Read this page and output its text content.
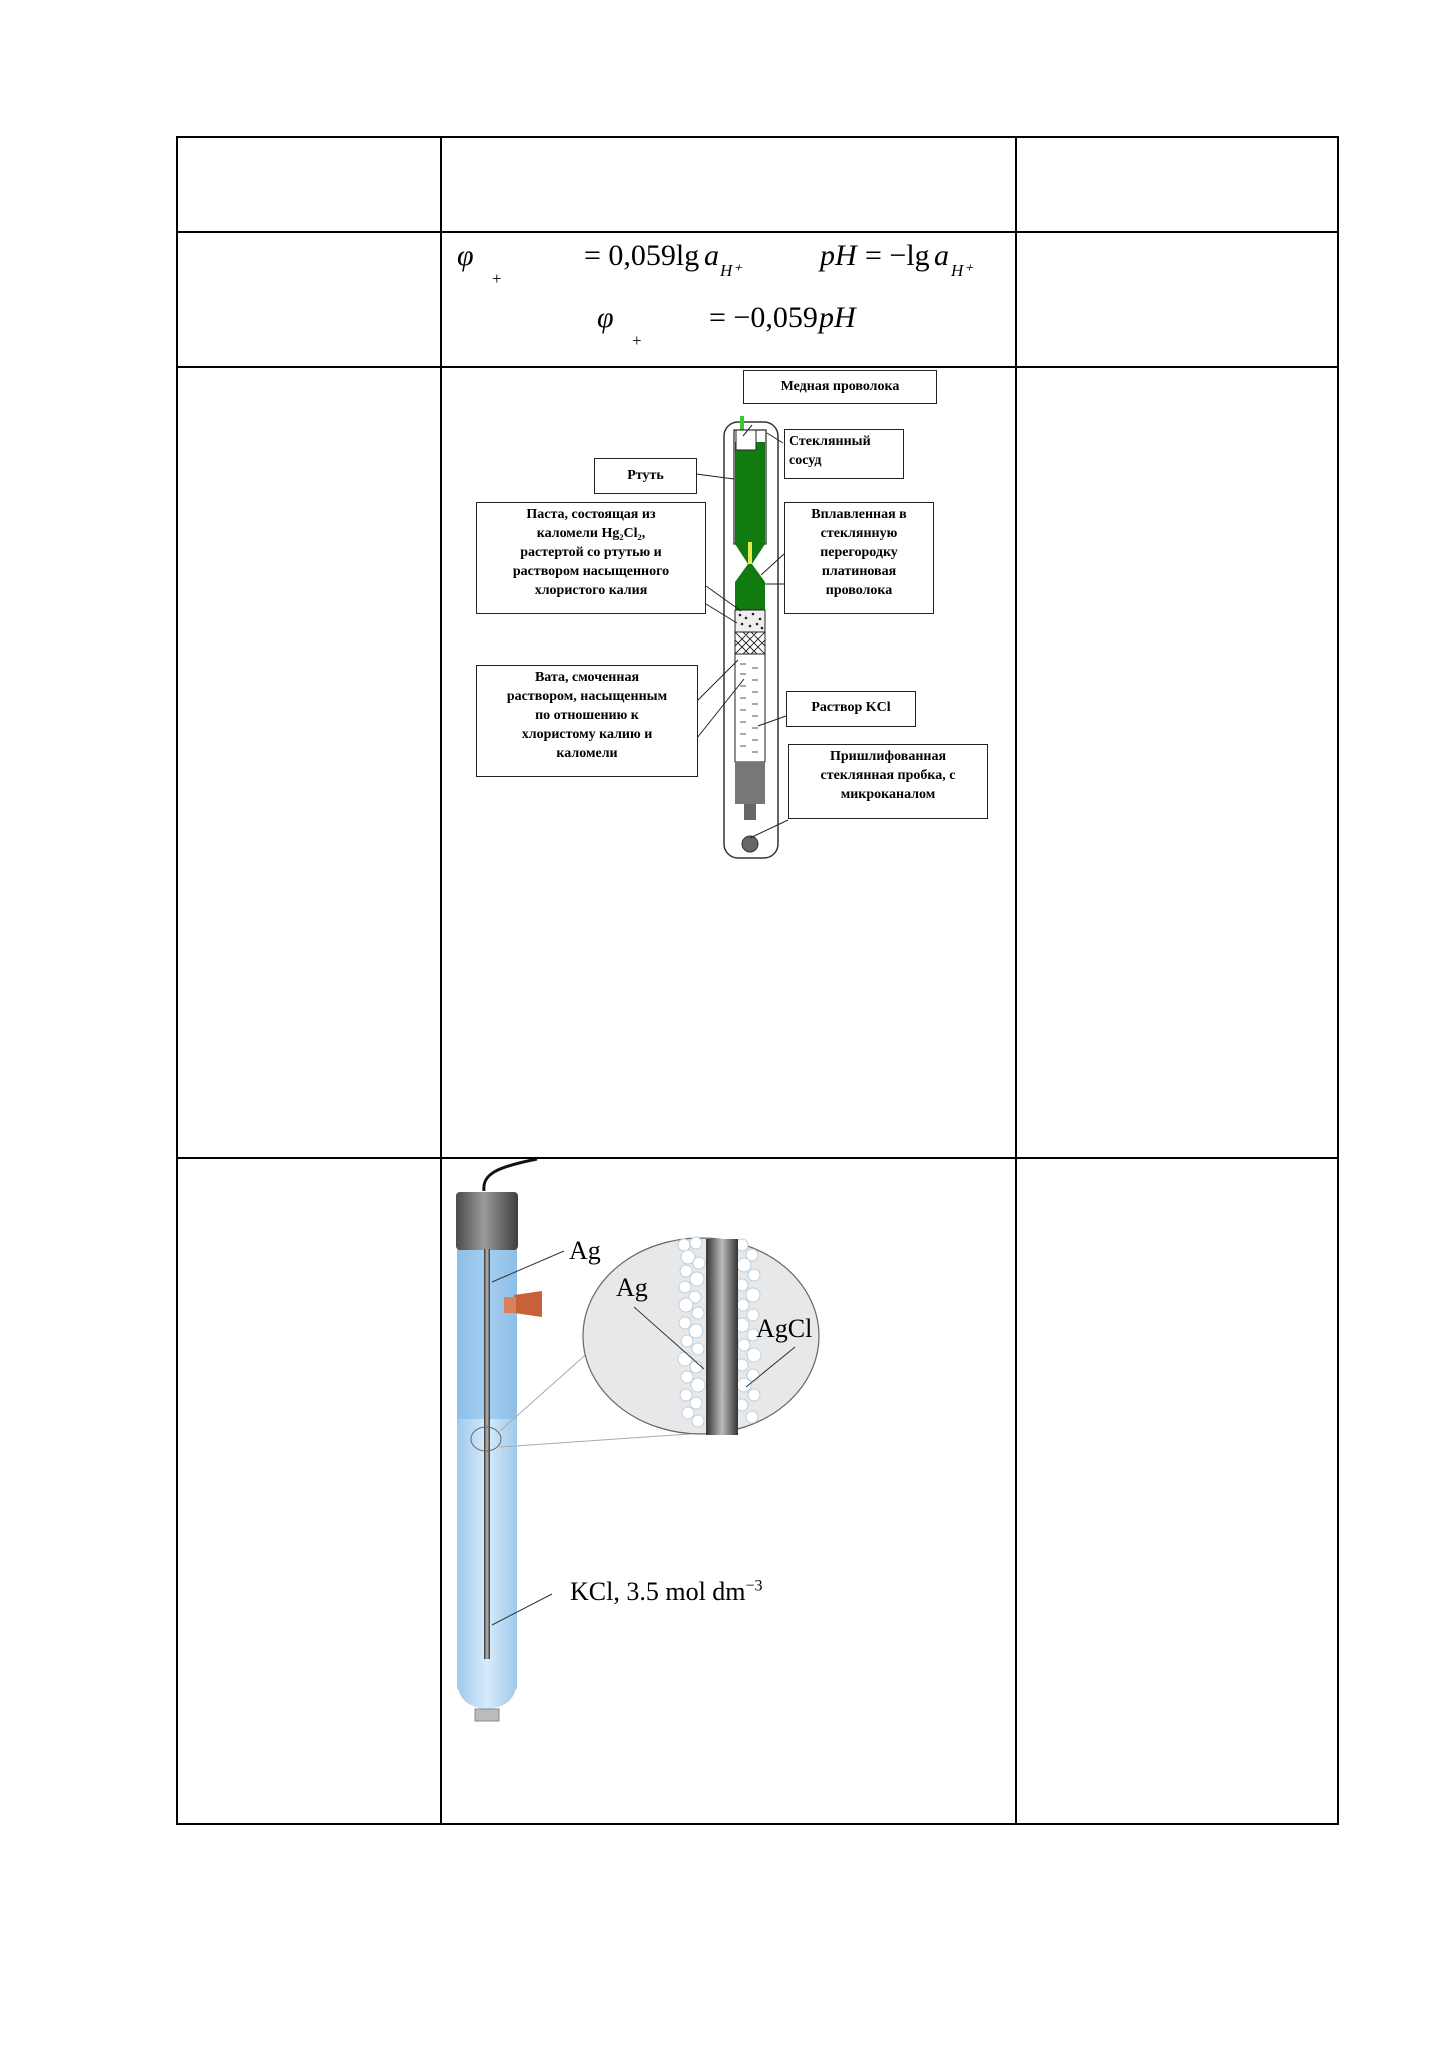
φ
+
= 0,059lg a H⁺	pH = −lg a H⁺
φ
+
= −0,059 pH
Медная проволока
Стеклянный
сосуд
Ртуть
Паста, состоящая из
каломели Hg₂Cl₂,
растертой со ртутью и
раствором насыщенного
хлористого калия
Вплавленная в
стеклянную
перегородку
платиновая
проволока
Вата, смоченная
раствором, насыщенным
по отношению к
хлористому калию и
каломели
Раствор KCl
Пришлифованная
стеклянная пробка, с
микроканалом
Ag
Ag
AgCl
KCl, 3.5 mol $dm^{-3}$
